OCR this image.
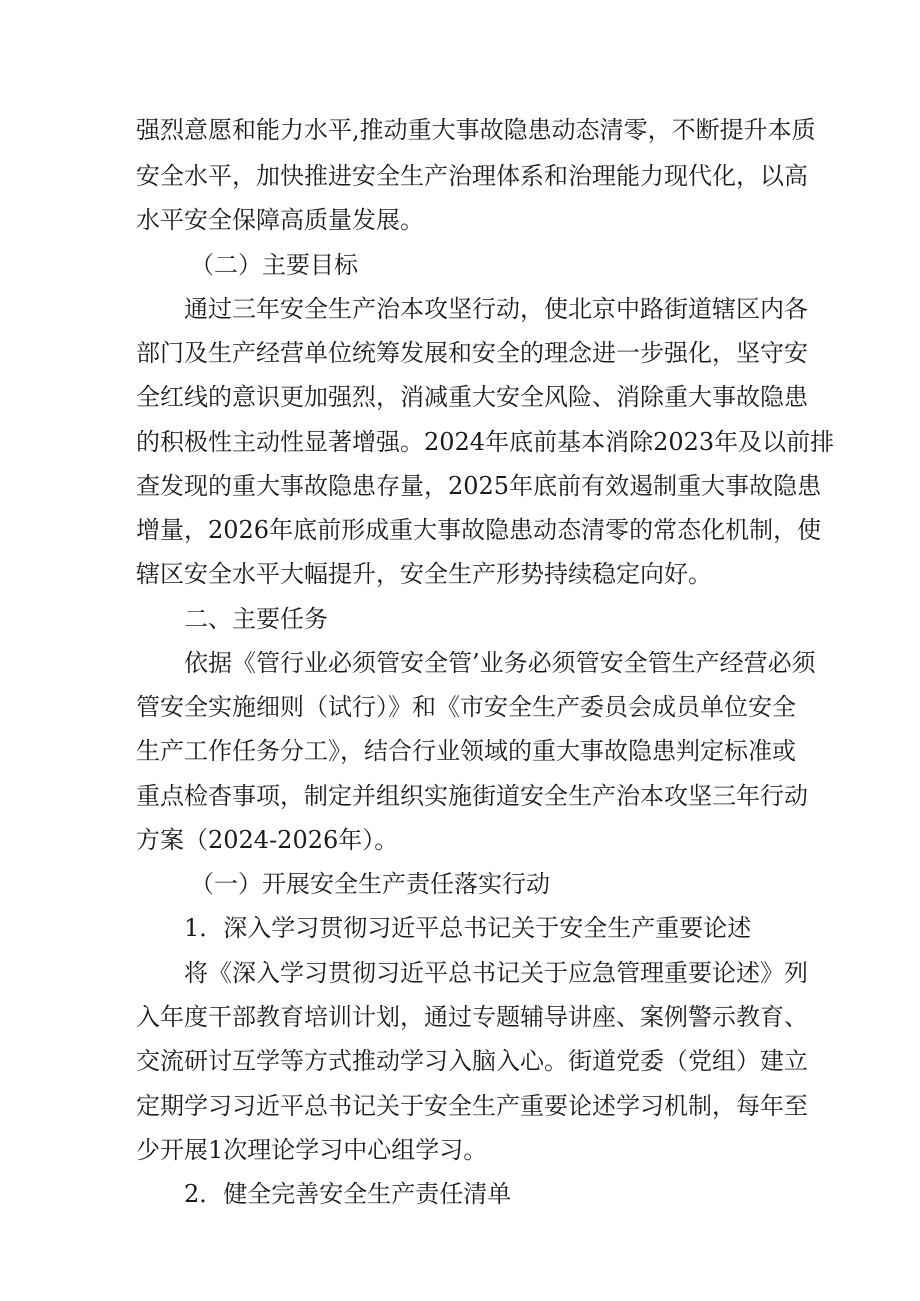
强烈意愿和能力水平,推动重大事故隐患动态清零，不断提升本质
安全水平，加快推进安全生产治理体系和治理能力现代化，以高
水平安全保障高质量发展。
（二）主要目标
通过三年安全生产治本攻坚行动，使北京中路街道辖区内各
部门及生产经营单位统筹发展和安全的理念进一步强化，坚守安
全红线的意识更加强烈，消减重大安全风险、消除重大事故隐患
的积极性主动性显著增强。2024年底前基本消除2023年及以前排
查发现的重大事故隐患存量，2025年底前有效遏制重大事故隐患
增量，2026年底前形成重大事故隐患动态清零的常态化机制，使
辖区安全水平大幅提升，安全生产形势持续稳定向好。
二、主要任务
依据《管行业必须管安全管’业务必须管安全管生产经营必须
管安全实施细则（试行）》和《市安全生产委员会成员单位安全
生产工作任务分工》，结合行业领域的重大事故隐患判定标准或
重点检杳事项，制定并组织实施街道安全生产治本攻坚三年行动
方案（2024-2026年）。
（一）开展安全生产责任落实行动
1．深入学习贯彻习近平总书记关于安全生产重要论述
将《深入学习贯彻习近平总书记关于应急管理重要论述》列
入年度干部教育培训计划，通过专题辅导讲座、案例警示教育、
交流研讨互学等方式推动学习入脑入心。街道党委（党组）建立
定期学习习近平总书记关于安全生产重要论述学习机制，每年至
少开展1次理论学习中心组学习。
2．健全完善安全生产责任清单
